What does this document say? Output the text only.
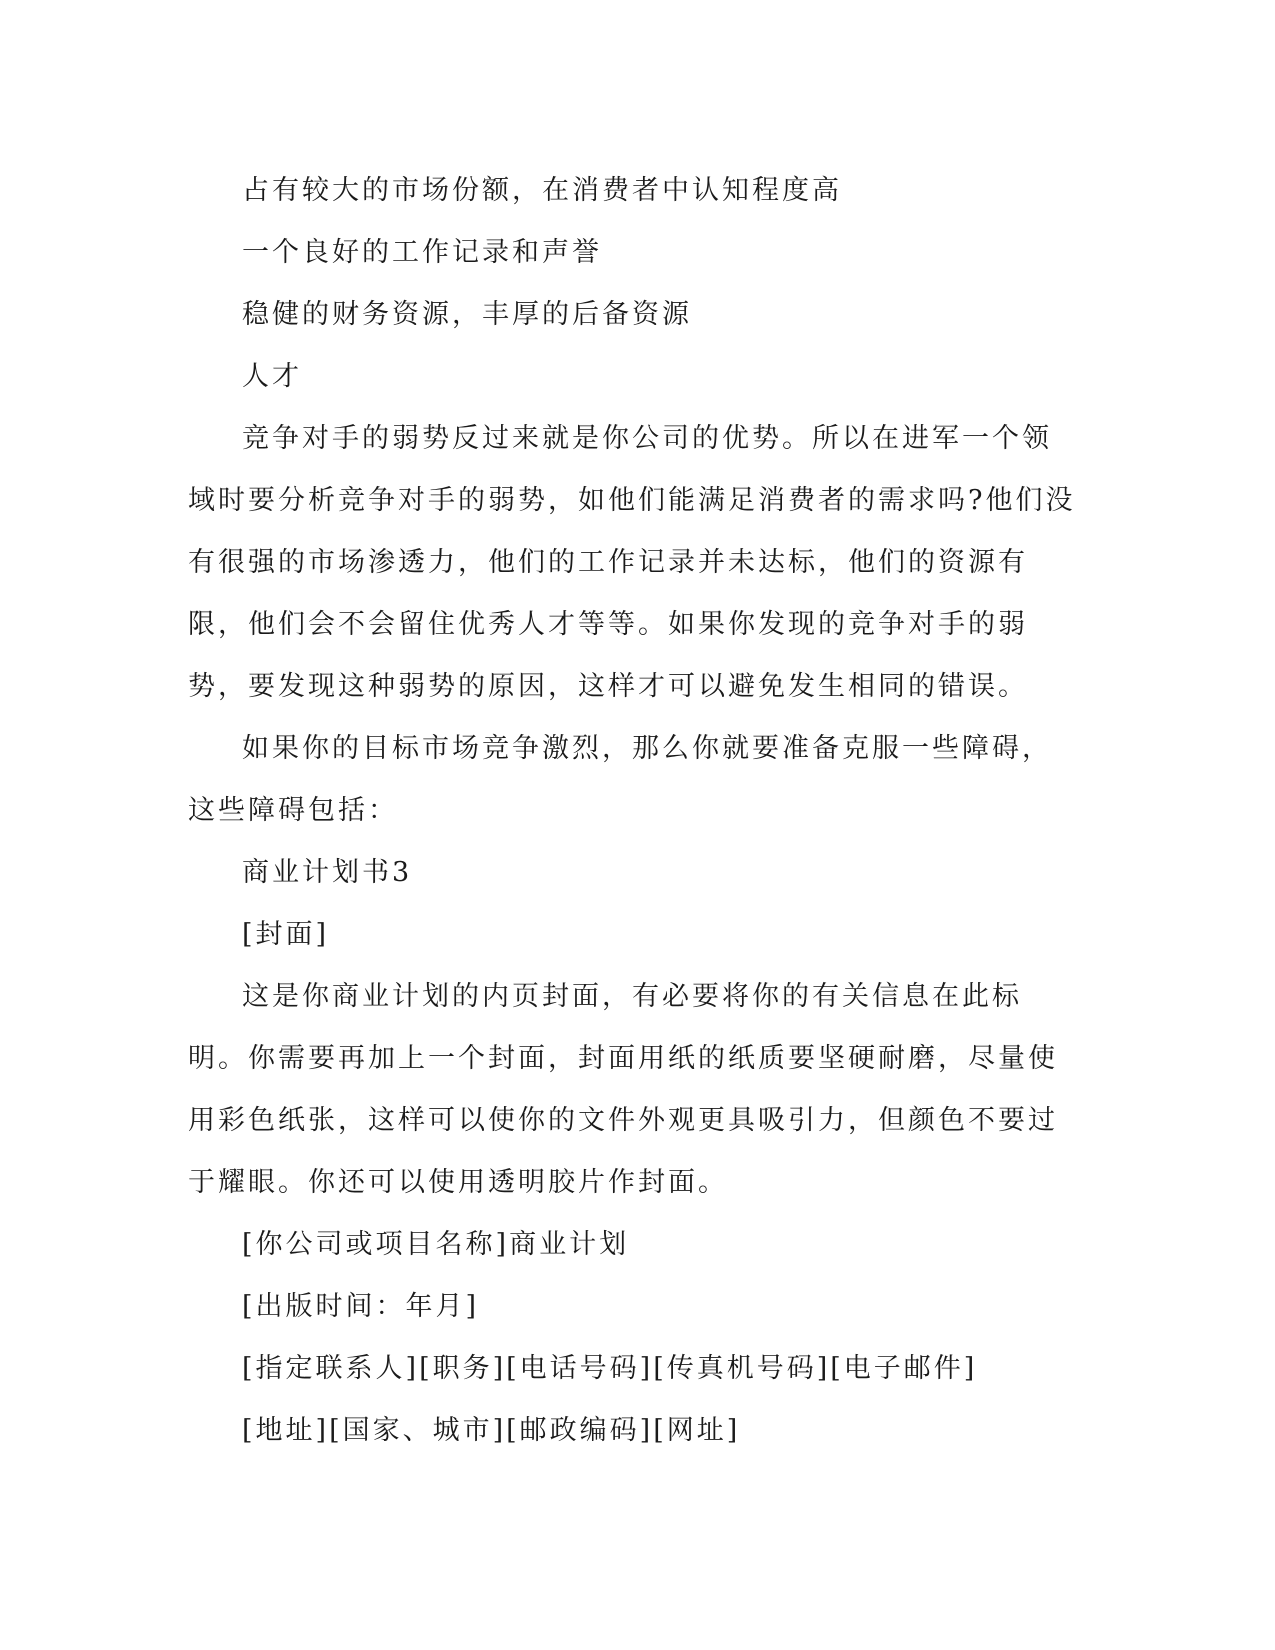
占有较大的市场份额，在消费者中认知程度高

一个良好的工作记录和声誉

稳健的财务资源，丰厚的后备资源

人才

竞争对手的弱势反过来就是你公司的优势。所以在进军一个领域时要分析竞争对手的弱势，如他们能满足消费者的需求吗?他们没有很强的市场渗透力，他们的工作记录并未达标，他们的资源有限，他们会不会留住优秀人才等等。如果你发现的竞争对手的弱势，要发现这种弱势的原因，这样才可以避免发生相同的错误。

如果你的目标市场竞争激烈，那么你就要准备克服一些障碍，这些障碍包括：

商业计划书3

[封面]

这是你商业计划的内页封面，有必要将你的有关信息在此标明。你需要再加上一个封面，封面用纸的纸质要坚硬耐磨，尽量使用彩色纸张，这样可以使你的文件外观更具吸引力，但颜色不要过于耀眼。你还可以使用透明胶片作封面。

[你公司或项目名称]商业计划

[出版时间：年月]

[指定联系人][职务][电话号码][传真机号码][电子邮件]

[地址][国家、城市][邮政编码][网址]
